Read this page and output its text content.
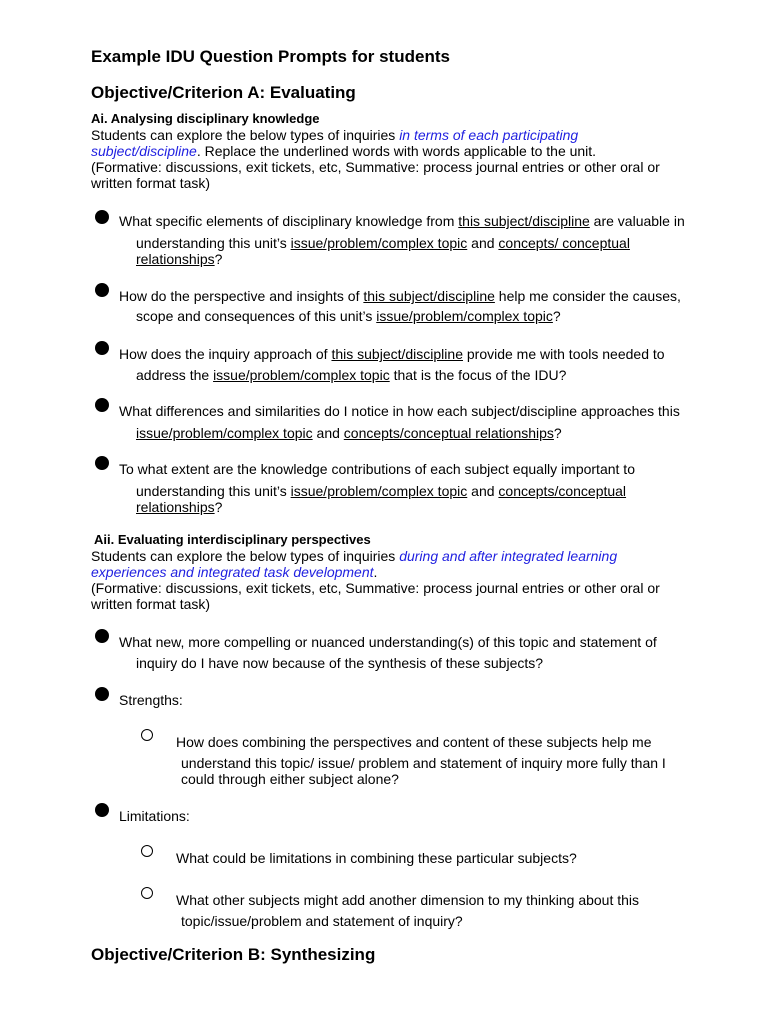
Example IDU Question Prompts for students
Objective/Criterion A: Evaluating
Ai. Analysing disciplinary knowledge
Students can explore the below types of inquiries in terms of each participating
subject/discipline. Replace the underlined words with words applicable to the unit.
(Formative: discussions, exit tickets, etc, Summative: process journal entries or other oral or
written format task)
What specific elements of disciplinary knowledge from this subject/discipline are valuable in
understanding this unit’s issue/problem/complex topic and concepts/ conceptual
relationships?
How do the perspective and insights of this subject/discipline help me consider the causes,
scope and consequences of this unit’s issue/problem/complex topic?
How does the inquiry approach of this subject/discipline provide me with tools needed to
address the issue/problem/complex topic that is the focus of the IDU?
What differences and similarities do I notice in how each subject/discipline approaches this
issue/problem/complex topic and concepts/conceptual relationships?
To what extent are the knowledge contributions of each subject equally important to
understanding this unit’s issue/problem/complex topic and concepts/conceptual
relationships?
Aii. Evaluating interdisciplinary perspectives
Students can explore the below types of inquiries during and after integrated learning
experiences and integrated task development.
(Formative: discussions, exit tickets, etc, Summative: process journal entries or other oral or
written format task)
What new, more compelling or nuanced understanding(s) of this topic and statement of
inquiry do I have now because of the synthesis of these subjects?
Strengths:
How does combining the perspectives and content of these subjects help me
understand this topic/ issue/ problem and statement of inquiry more fully than I
could through either subject alone?
Limitations:
What could be limitations in combining these particular subjects?
What other subjects might add another dimension to my thinking about this
topic/issue/problem and statement of inquiry?
Objective/Criterion B: Synthesizing
